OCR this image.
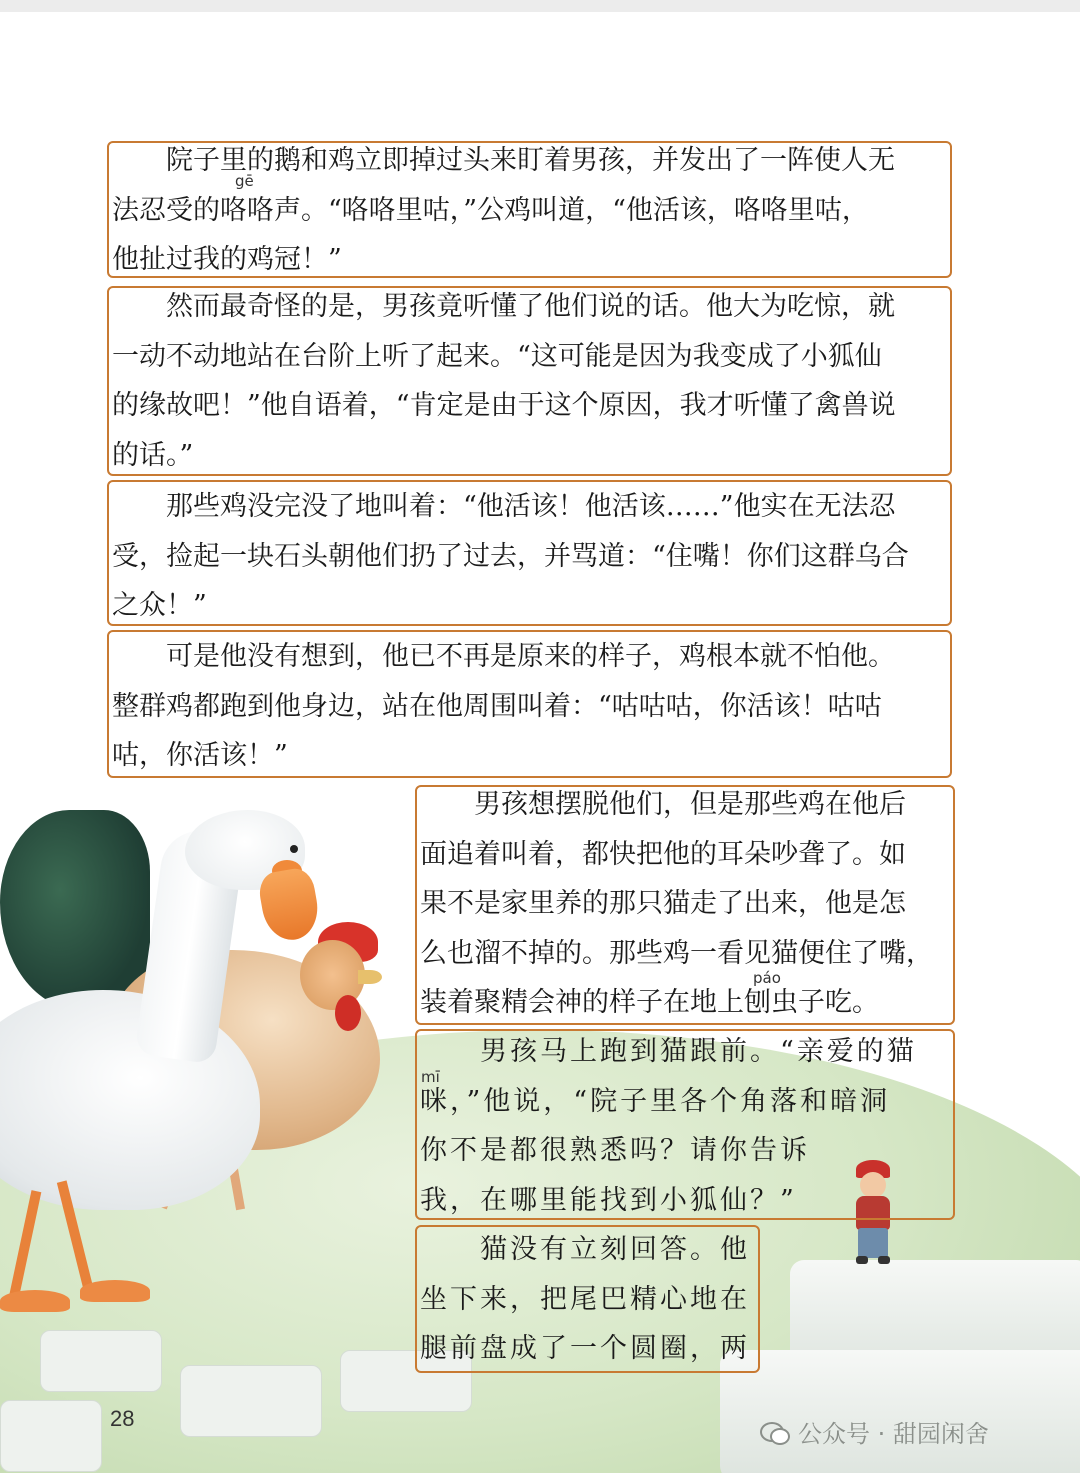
　　院子里的鹅和鸡立即掉过头来盯着男孩，并发出了一阵使人无
法忍受的咯咯声。“咯咯里咕，”公鸡叫道，“他活该，咯咯里咕，
他扯过我的鸡冠！”
gē
　　然而最奇怪的是，男孩竟听懂了他们说的话。他大为吃惊，就
一动不动地站在台阶上听了起来。“这可能是因为我变成了小狐仙
的缘故吧！”他自语着，“肯定是由于这个原因，我才听懂了禽兽说
的话。”
　　那些鸡没完没了地叫着：“他活该！他活该……”他实在无法忍
受，捡起一块石头朝他们扔了过去，并骂道：“住嘴！你们这群乌合
之众！”
　　可是他没有想到，他已不再是原来的样子，鸡根本就不怕他。
整群鸡都跑到他身边，站在他周围叫着：“咕咕咕，你活该！咕咕
咕，你活该！”
　　男孩想摆脱他们，但是那些鸡在他后
面追着叫着，都快把他的耳朵吵聋了。如
果不是家里养的那只猫走了出来，他是怎
么也溜不掉的。那些鸡一看见猫便住了嘴，
装着聚精会神的样子在地上刨虫子吃。
páo
　　男孩马上跑到猫跟前。“亲爱的猫
咪，”他说，“院子里各个角落和暗洞
你不是都很熟悉吗？请你告诉
我，在哪里能找到小狐仙？”
mī
　　猫没有立刻回答。他
坐下来，把尾巴精心地在
腿前盘成了一个圆圈，两
28
公众号 · 甜园闲舍
